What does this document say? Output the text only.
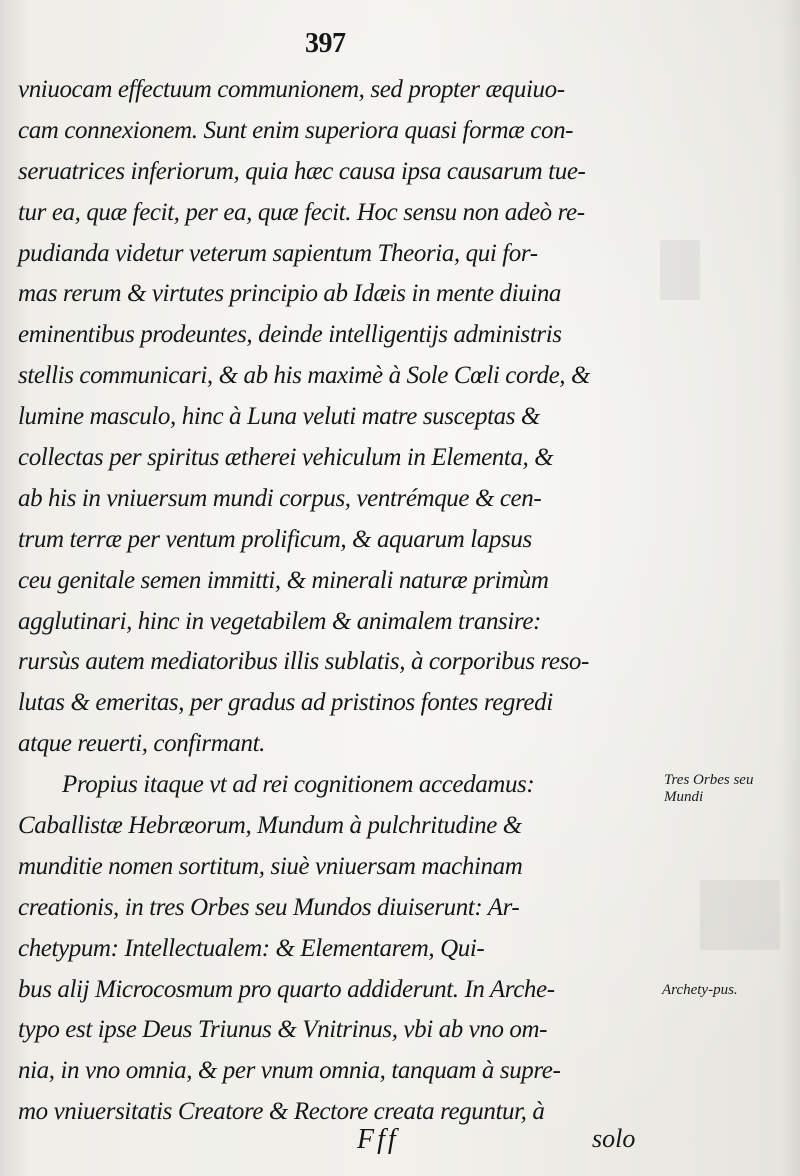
397
vniuocam effectuum communionem, sed propter æquiuo-
cam connexionem. Sunt enim superiora quasi formæ con-
seruatrices inferiorum, quia hæc causa ipsa causarum tue-
tur ea, quæ fecit, per ea, quæ fecit. Hoc sensu non adeò re-
pudianda videtur veterum sapientum Theoria, qui for-
mas rerum & virtutes principio ab Idæis in mente diuina
eminentibus prodeuntes, deinde intelligentijs administris
stellis communicari, & ab his maximè à Sole Cœli corde, &
lumine masculo, hinc à Luna veluti matre susceptas &
collectas per spiritus ætherei vehiculum in Elementa, &
ab his in vniuersum mundi corpus, ventrémque & cen-
trum terræ per ventum prolificum, & aquarum lapsus
ceu genitale semen immitti, & minerali naturæ primùm
agglutinari, hinc in vegetabilem & animalem transire:
rursùs autem mediatoribus illis sublatis, à corporibus reso-
lutas & emeritas, per gradus ad pristinos fontes regredi
atque reuerti, confirmant.
Propius itaque vt ad rei cognitionem accedamus:
Caballistæ Hebræorum, Mundum à pulchritudine &
munditie nomen sortitum, siuè vniuersam machinam
creationis, in tres Orbes seu Mundos diuiserunt: Ar-
chetypum: Intellectualem: & Elementarem, Qui-
bus alij Microcosmum pro quarto addiderunt. In Arche-
typo est ipse Deus Triunus & Vnitrinus, vbi ab vno om-
nia, in vno omnia, & per vnum omnia, tanquam à supre-
mo vniuersitatis Creatore & Rectore creata reguntur, à
Tres Orbes seu Mundi
Archety-pus.
Fff	solo
